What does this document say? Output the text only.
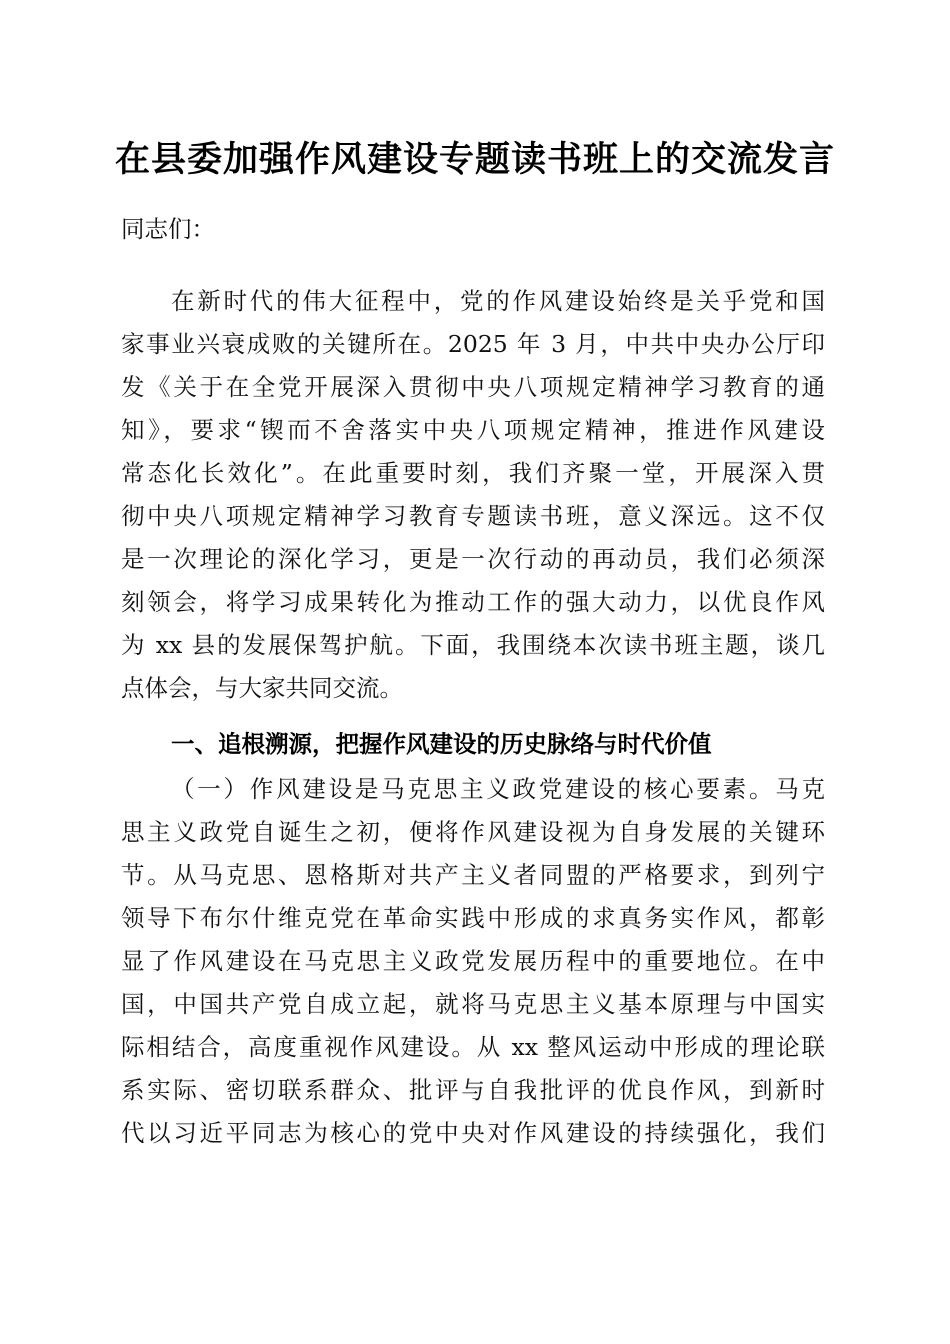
在县委加强作风建设专题读书班上的交流发言
同志们：
在新时代的伟大征程中，党的作风建设始终是关乎党和国
家事业兴衰成败的关键所在。2025 年 3 月，中共中央办公厅印
发《关于在全党开展深入贯彻中央八项规定精神学习教育的通
知》，要求“锲而不舍落实中央八项规定精神，推进作风建设
常态化长效化”。在此重要时刻，我们齐聚一堂，开展深入贯
彻中央八项规定精神学习教育专题读书班，意义深远。这不仅
是一次理论的深化学习，更是一次行动的再动员，我们必须深
刻领会，将学习成果转化为推动工作的强大动力，以优良作风
为 xx 县的发展保驾护航。下面，我围绕本次读书班主题，谈几
点体会，与大家共同交流。
一、追根溯源，把握作风建设的历史脉络与时代价值
（一）作风建设是马克思主义政党建设的核心要素。马克
思主义政党自诞生之初，便将作风建设视为自身发展的关键环
节。从马克思、恩格斯对共产主义者同盟的严格要求，到列宁
领导下布尔什维克党在革命实践中形成的求真务实作风，都彰
显了作风建设在马克思主义政党发展历程中的重要地位。在中
国，中国共产党自成立起，就将马克思主义基本原理与中国实
际相结合，高度重视作风建设。从 xx 整风运动中形成的理论联
系实际、密切联系群众、批评与自我批评的优良作风，到新时
代以习近平同志为核心的党中央对作风建设的持续强化，我们
